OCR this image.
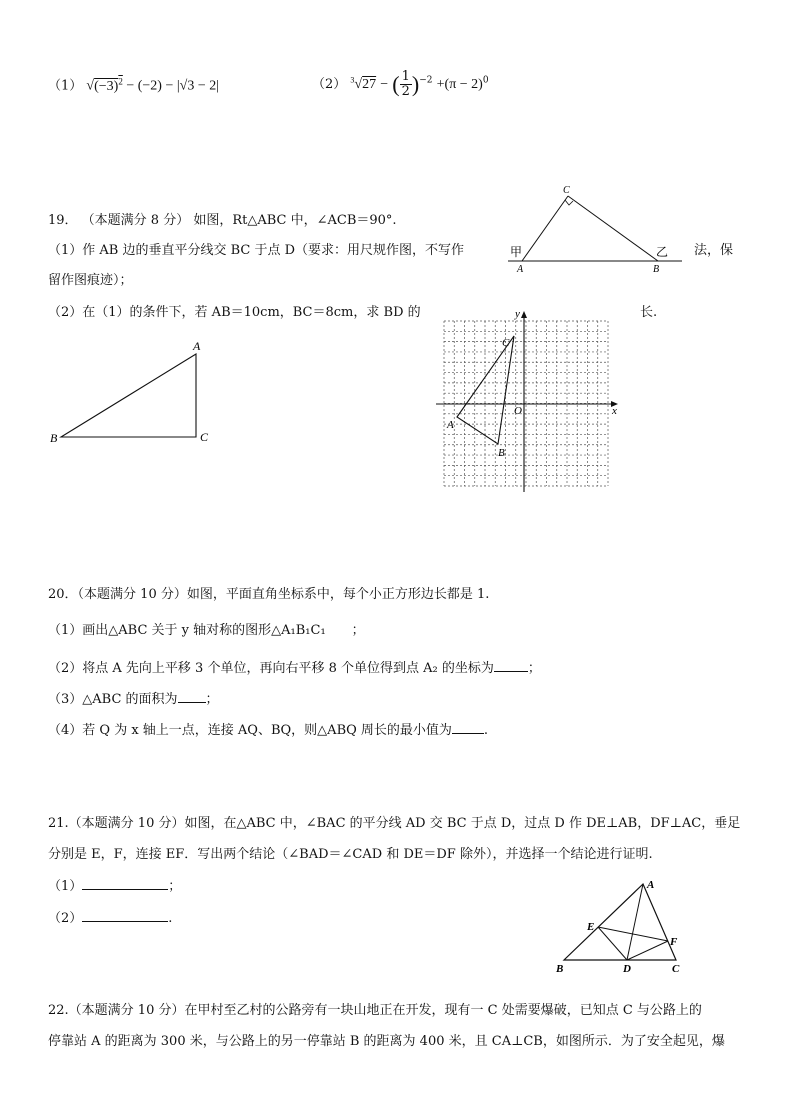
（1） $√(-3)^2 - (-2) - |√3 - 2|$	（2） $^3$√27 − ( $\frac{1}{2} )^{-2} +(\pi - 2)^0$
19． （本题满分 8 分） 如图，Rt△ABC 中，∠ACB＝90°.
（1）作 AB 边的垂直平分线交 BC 于点 D（要求：用尺规作图，不写作	法，保
留作图痕迹）；
（2）在（1）的条件下，若 AB＝10cm，BC＝8cm，求 BD 的	长.
甲	乙
A	B
C
A
B	C
x
y
O
A
B
C
20．（本题满分 10 分）如图，平面直角坐标系中，每个小正方形边长都是 1.
（1）画出△ABC 关于 y 轴对称的图形△A₁B₁C₁　　；
（2）将点 A 先向上平移 3 个单位，再向右平移 8 个单位得到点 A₂ 的坐标为	；
（3）△ABC 的面积为 ；
（4）若 Q 为 x 轴上一点，连接 AQ、BQ，则△ABQ 周长的最小值为 .
21.（本题满分 10 分）如图，在△ABC 中，∠BAC 的平分线 AD 交 BC 于点 D，过点 D 作 DE⊥AB，DF⊥AC，垂足
分别是 E，F，连接 EF．写出两个结论（∠BAD＝∠CAD 和 DE＝DF 除外），并选择一个结论进行证明.
（1）	；
（2）	.
A
B	C
D
E
F
22.（本题满分 10 分）在甲村至乙村的公路旁有一块山地正在开发，现有一 C 处需要爆破，已知点 C 与公路上的
停靠站 A 的距离为 300 米，与公路上的另一停靠站 B 的距离为 400 米，且 CA⊥CB，如图所示．为了安全起见，爆
